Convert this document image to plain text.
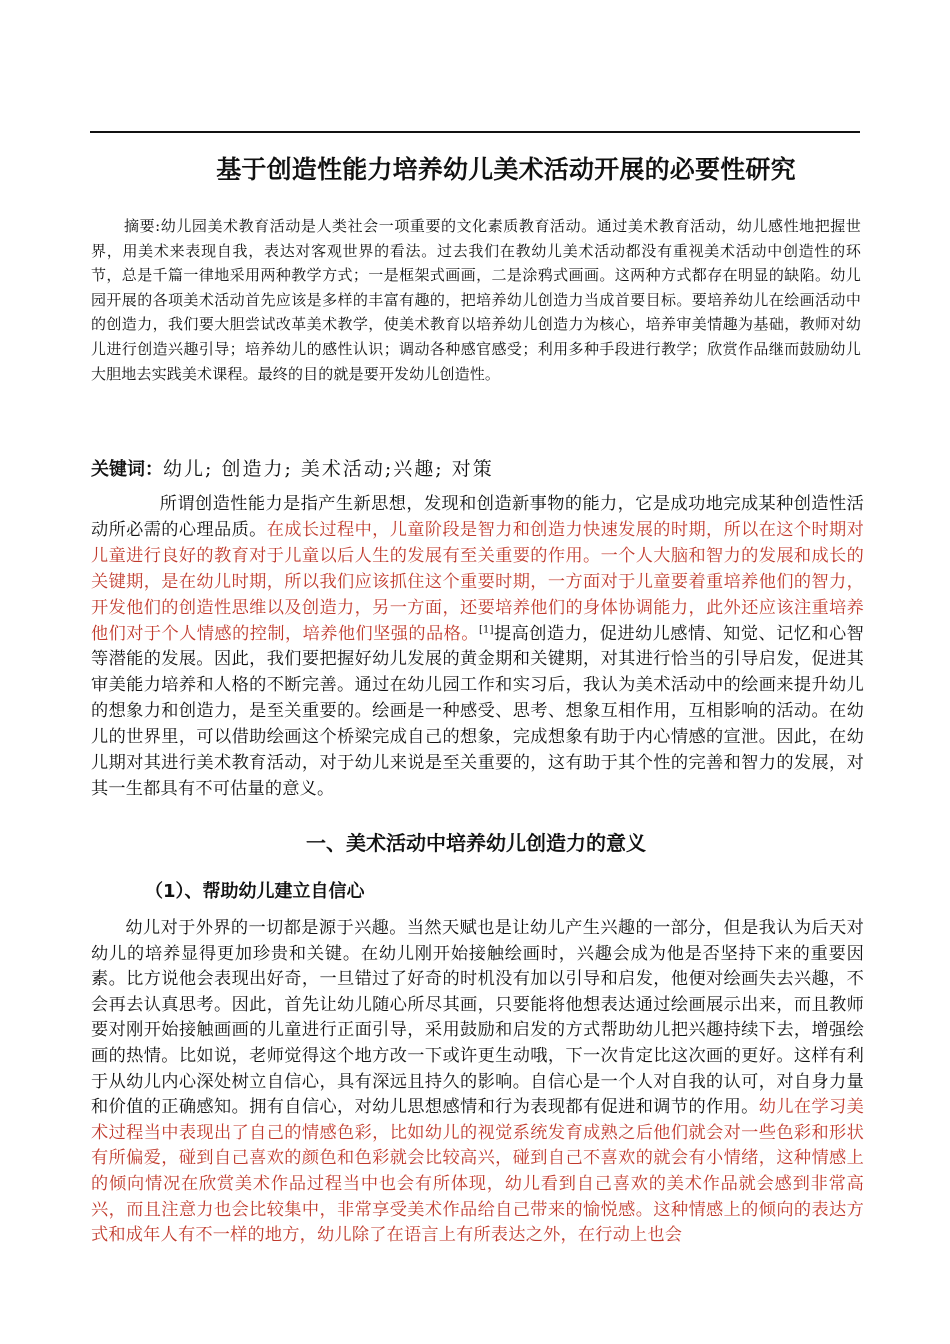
基于创造性能力培养幼儿美术活动开展的必要性研究
摘要:幼儿园美术教育活动是人类社会一项重要的文化素质教育活动。通过美术教育活动，幼儿感性地把握世界，用美术来表现自我，表达对客观世界的看法。过去我们在教幼儿美术活动都没有重视美术活动中创造性的环节，总是千篇一律地采用两种教学方式；一是框架式画画，二是涂鸦式画画。这两种方式都存在明显的缺陷。幼儿园开展的各项美术活动首先应该是多样的丰富有趣的，把培养幼儿创造力当成首要目标。要培养幼儿在绘画活动中的创造力，我们要大胆尝试改革美术教学，使美术教育以培养幼儿创造力为核心，培养审美情趣为基础，教师对幼儿进行创造兴趣引导；培养幼儿的感性认识；调动各种感官感受；利用多种手段进行教学；欣赏作品继而鼓励幼儿大胆地去实践美术课程。最终的目的就是要开发幼儿创造性。
关键词：幼儿; 创造力; 美术活动;兴趣; 对策
所谓创造性能力是指产生新思想，发现和创造新事物的能力，它是成功地完成某种创造性活动所必需的心理品质。在成长过程中，儿童阶段是智力和创造力快速发展的时期，所以在这个时期对儿童进行良好的教育对于儿童以后人生的发展有至关重要的作用。一个人大脑和智力的发展和成长的关键期，是在幼儿时期，所以我们应该抓住这个重要时期，一方面对于儿童要着重培养他们的智力，开发他们的创造性思维以及创造力，另一方面，还要培养他们的身体协调能力，此外还应该注重培养他们对于个人情感的控制，培养他们坚强的品格。[1]提高创造力，促进幼儿感情、知觉、记忆和心智等潜能的发展。因此，我们要把握好幼儿发展的黄金期和关键期，对其进行恰当的引导启发，促进其审美能力培养和人格的不断完善。通过在幼儿园工作和实习后，我认为美术活动中的绘画来提升幼儿的想象力和创造力，是至关重要的。绘画是一种感受、思考、想象互相作用，互相影响的活动。在幼儿的世界里，可以借助绘画这个桥梁完成自己的想象，完成想象有助于内心情感的宣泄。因此，在幼儿期对其进行美术教育活动，对于幼儿来说是至关重要的，这有助于其个性的完善和智力的发展，对其一生都具有不可估量的意义。
一、美术活动中培养幼儿创造力的意义
（1）、帮助幼儿建立自信心
幼儿对于外界的一切都是源于兴趣。当然天赋也是让幼儿产生兴趣的一部分，但是我认为后天对幼儿的培养显得更加珍贵和关键。在幼儿刚开始接触绘画时，兴趣会成为他是否坚持下来的重要因素。比方说他会表现出好奇，一旦错过了好奇的时机没有加以引导和启发，他便对绘画失去兴趣，不会再去认真思考。因此，首先让幼儿随心所尽其画，只要能将他想表达通过绘画展示出来，而且教师要对刚开始接触画画的儿童进行正面引导，采用鼓励和启发的方式帮助幼儿把兴趣持续下去，增强绘画的热情。比如说，老师觉得这个地方改一下或许更生动哦，下一次肯定比这次画的更好。这样有利于从幼儿内心深处树立自信心，具有深远且持久的影响。自信心是一个人对自我的认可，对自身力量和价值的正确感知。拥有自信心，对幼儿思想感情和行为表现都有促进和调节的作用。幼儿在学习美术过程当中表现出了自己的情感色彩，比如幼儿的视觉系统发育成熟之后他们就会对一些色彩和形状有所偏爱，碰到自己喜欢的颜色和色彩就会比较高兴，碰到自己不喜欢的就会有小情绪，这种情感上的倾向情况在欣赏美术作品过程当中也会有所体现，幼儿看到自己喜欢的美术作品就会感到非常高兴，而且注意力也会比较集中，非常享受美术作品给自己带来的愉悦感。这种情感上的倾向的表达方式和成年人有不一样的地方，幼儿除了在语言上有所表达之外，在行动上也会
